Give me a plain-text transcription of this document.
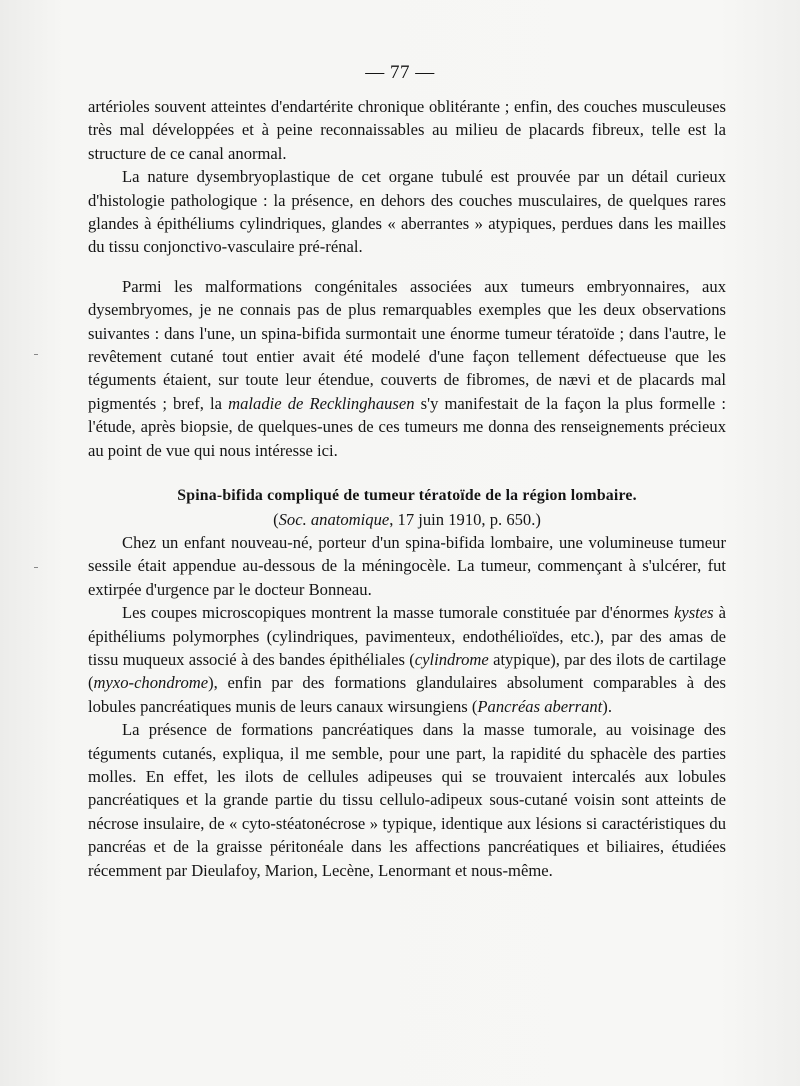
— 77 —

artérioles souvent atteintes d'endartérite chronique oblitérante ; enfin, des couches musculeuses très mal développées et à peine reconnaissables au milieu de placards fibreux, telle est la structure de ce canal anormal.

La nature dysembryoplastique de cet organe tubulé est prouvée par un détail curieux d'histologie pathologique : la présence, en dehors des couches musculaires, de quelques rares glandes à épithéliums cylindriques, glandes « aberrantes » atypiques, perdues dans les mailles du tissu conjonctivo-vasculaire pré-rénal.

Parmi les malformations congénitales associées aux tumeurs embryonnaires, aux dysembryomes, je ne connais pas de plus remarquables exemples que les deux observations suivantes : dans l'une, un spina-bifida surmontait une énorme tumeur tératoïde ; dans l'autre, le revêtement cutané tout entier avait été modelé d'une façon tellement défectueuse que les téguments étaient, sur toute leur étendue, couverts de fibromes, de nævi et de placards mal pigmentés ; bref, la maladie de Recklinghausen s'y manifestait de la façon la plus formelle : l'étude, après biopsie, de quelques-unes de ces tumeurs me donna des renseignements précieux au point de vue qui nous intéresse ici.

Spina-bifida compliqué de tumeur tératoïde de la région lombaire.

(Soc. anatomique, 17 juin 1910, p. 650.)

Chez un enfant nouveau-né, porteur d'un spina-bifida lombaire, une volumineuse tumeur sessile était appendue au-dessous de la méningocèle. La tumeur, commençant à s'ulcérer, fut extirpée d'urgence par le docteur Bonneau.

Les coupes microscopiques montrent la masse tumorale constituée par d'énormes kystes à épithéliums polymorphes (cylindriques, pavimenteux, endothélioïdes, etc.), par des amas de tissu muqueux associé à des bandes épithéliales (cylindrome atypique), par des ilots de cartilage (myxo-chondrome), enfin par des formations glandulaires absolument comparables à des lobules pancréatiques munis de leurs canaux wirsungiens (Pancréas aberrant).

La présence de formations pancréatiques dans la masse tumorale, au voisinage des téguments cutanés, expliqua, il me semble, pour une part, la rapidité du sphacèle des parties molles. En effet, les ilots de cellules adipeuses qui se trouvaient intercalés aux lobules pancréatiques et la grande partie du tissu cellulo-adipeux sous-cutané voisin sont atteints de nécrose insulaire, de « cyto-stéatonécrose » typique, identique aux lésions si caractéristiques du pancréas et de la graisse péritonéale dans les affections pancréatiques et biliaires, étudiées récemment par Dieulafoy, Marion, Lecène, Lenormant et nous-même.
